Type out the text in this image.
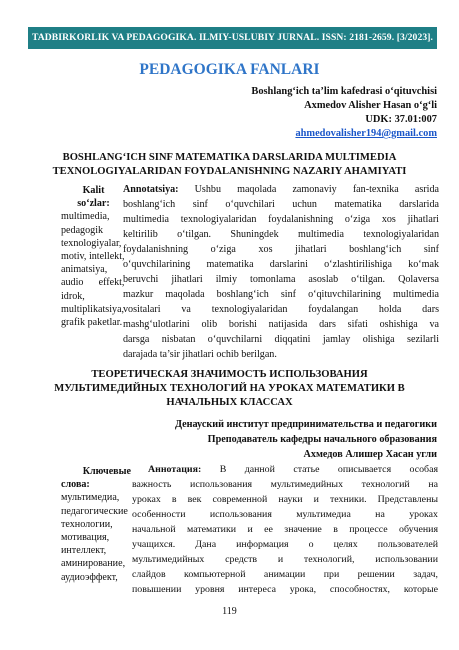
TADBIRKORLIK VA PEDAGOGIKA. ILMIY-USLUBIY JURNAL. ISSN: 2181-2659. [3/2023].
PEDAGOGIKA FANLARI
Boshlang‘ich ta’lim kafedrasi o‘qituvchisi
Axmedov Alisher Hasan o‘g‘li
UDK: 37.01:007
ahmedovalisher194@gmail.com
BOSHLANG‘ICH SINF MATEMATIKA DARSLARIDA MULTIMEDIA
TEXNOLOGIYALARIDAN FOYDALANISHNING NAZARIY AHAMIYATI
Kalit
so‘zlar:
multimedia,
pedagogik
texnologiyalar,
motiv, intellekt,
animatsiya,
audio      effekt,
idrok,
multiplikatsiya,
grafik paketlar.
Annotatsiya: Ushbu maqolada zamonaviy fan-texnika asrida
boshlang‘ich sinf o‘quvchilari uchun matematika darslarida
multimedia texnologiyalaridan foydalanishning o‘ziga xos jihatlari
keltirilib o‘tilgan. Shuningdek multimedia texnologiyalaridan
foydalanishning o‘ziga xos jihatlari boshlang‘ich sinf
o‘quvchilarining matematika darslarini o‘zlashtirilishiga ko‘mak
beruvchi jihatlari ilmiy tomonlama asoslab o‘tilgan. Qolaversa
mazkur maqolada boshlang‘ich sinf o‘qituvchilarining multimedia
vositalari va texnologiyalaridan foydalangan holda dars
mashg‘ulotlarini olib borishi natijasida dars sifati oshishiga va
darsga nisbatan o‘quvchilarni diqqatini jamlay olishiga sezilarli
darajada ta’sir jihatlari ochib berilgan.
ТЕОРЕТИЧЕСКАЯ ЗНАЧИМОСТЬ ИСПОЛЬЗОВАНИЯ
МУЛЬТИМЕДИЙНЫХ ТЕХНОЛОГИЙ НА УРОКАХ МАТЕМАТИКИ В
НАЧАЛЬНЫХ КЛАССАХ
Денауский институт предпринимательства и педагогики
Преподаватель кафедры начального образования
Ахмедов Алишер Хасан угли
Ключевые
слова:
мультимедиа,
педагогические
технологии,
мотивация,
интеллект,
аминирование,
аудиоэффект,
Аннотация: В данной статье описывается особая
важность использования мультимедийных технологий на
уроках в век современной науки и техники. Представлены
особенности использования мультимедиа на уроках
начальной математики и ее значение в процессе обучения
учащихся. Дана информация о целях пользователей
мультимедийных средств и технологий, использовании
слайдов компьютерной анимации при решении задач,
повышении уровня интереса урока, способностях, которые
119
